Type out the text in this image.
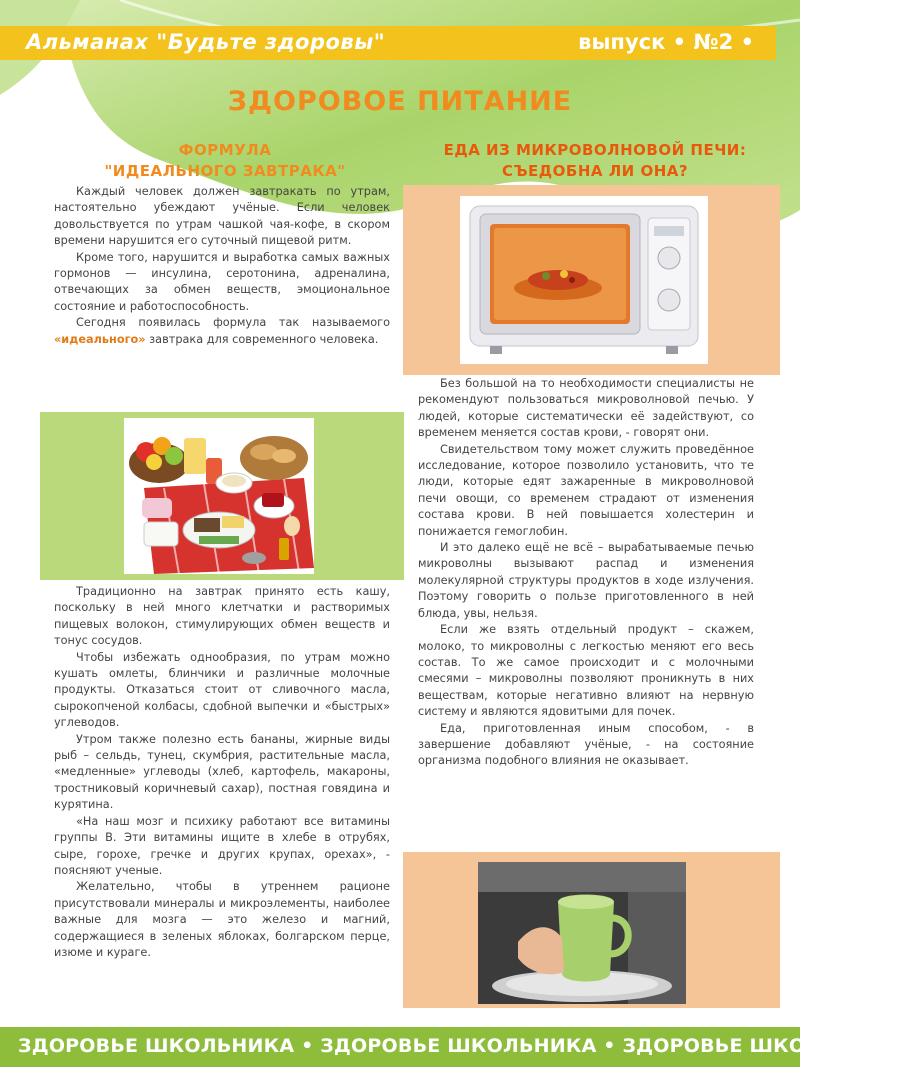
Альманах "Будьте здоровы"	выпуск • №2 •
ЗДОРОВОЕ ПИТАНИЕ
ФОРМУЛА
"ИДЕАЛЬНОГО ЗАВТРАКА"
ЕДА ИЗ МИКРОВОЛНОВОЙ ПЕЧИ:
СЪЕДОБНА ЛИ ОНА?

Каждый человек должен завтракать по утрам, настоятельно убеждают учёные. Если человек довольствуется по утрам чашкой чая-кофе, в скором времени нарушится его суточный пищевой ритм.

Кроме того, нарушится и выработка самых важных гормонов — инсулина, серотонина, адреналина, отвечающих за обмен веществ, эмоциональное состояние и работоспособность.

Сегодня появилась формула так называемого «идеального» завтрака для современного человека.

Традиционно на завтрак принято есть кашу, поскольку в ней много клетчатки и растворимых пищевых волокон, стимулирующих обмен веществ и тонус сосудов.

Чтобы избежать однообразия, по утрам можно кушать омлеты, блинчики и различные молочные продукты. Отказаться стоит от сливочного масла, сырокопченой колбасы, сдобной выпечки и «быстрых» углеводов.

Утром также полезно есть бананы, жирные виды рыб – сельдь, тунец, скумбрия, растительные масла, «медленные» углеводы (хлеб, картофель, макароны, тростниковый коричневый сахар), постная говядина и курятина.

«На наш мозг и психику работают все витамины группы B. Эти витамины ищите в хлебе в отрубях, сыре, горохе, гречке и других крупах, орехах», - поясняют ученые.

Желательно, чтобы в утреннем рационе присутствовали минералы и микроэлементы, наиболее важные для мозга — это железо и магний, содержащиеся в зеленых яблоках, болгарском перце, изюме и кураге.

Без большой на то необходимости специалисты не рекомендуют пользоваться микроволновой печью. У людей, которые систематически её задействуют, со временем меняется состав крови, - говорят они.

Свидетельством тому может служить проведённое исследование, которое позволило установить, что те люди, которые едят зажаренные в микроволновой печи овощи, со временем страдают от изменения состава крови. В ней повышается холестерин и понижается гемоглобин.

И это далеко ещё не всё – вырабатываемые печью микроволны вызывают распад и изменения молекулярной структуры продуктов в ходе излучения. Поэтому говорить о пользе приготовленного в ней блюда, увы, нельзя.

Если же взять отдельный продукт – скажем, молоко, то микроволны с легкостью меняют его весь состав. То же самое происходит и с молочными смесями – микроволны позволяют проникнуть в них веществам, которые негативно влияют на нервную систему и являются ядовитыми для почек.

Еда, приготовленная иным способом, - в завершение добавляют учёные, - на состояние организма подобного влияния не оказывает.

ЗДОРОВЬЕ ШКОЛЬНИКА • ЗДОРОВЬЕ ШКОЛЬНИКА • ЗДОРОВЬЕ ШКОЛЬНИКА
